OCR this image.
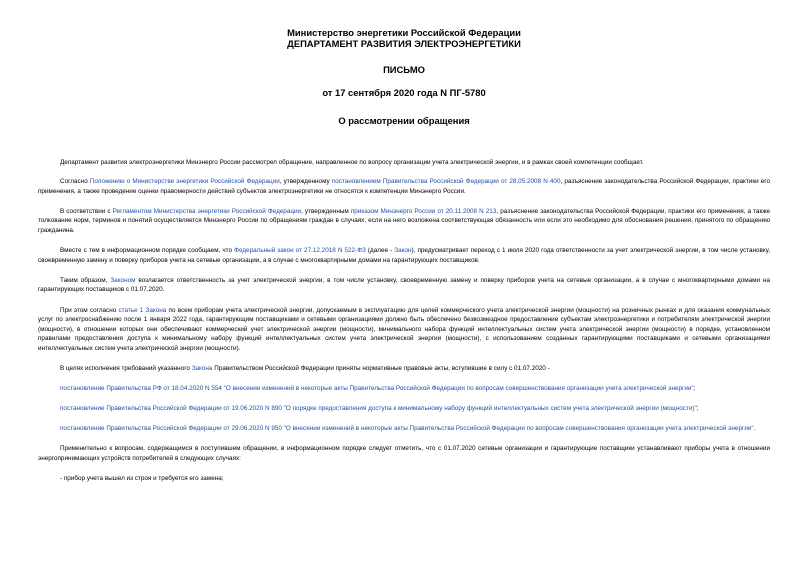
Министерство энергетики Российской Федерации
ДЕПАРТАМЕНТ РАЗВИТИЯ ЭЛЕКТРОЭНЕРГЕТИКИ
ПИСЬМО
от 17 сентября 2020 года N ПГ-5780
О рассмотрении обращения

Департамент развития электроэнергетики Минэнерго России рассмотрел обращение, направленное по вопросу организации учета электрической энергии, и в рамках своей компетенции сообщает.

Согласно Положению о Министерстве энергетики Российской Федерации, утвержденному постановлением Правительства Российской Федерации от 28.05.2008 N 400, разъяснение законодательства Российской Федерации, практики его применения, а также проведение оценки правомерности действий субъектов электроэнергетики не относятся к компетенции Минэнерго России.

В соответствии с Регламентом Министерства энергетики Российской Федерации, утвержденным приказом Минэнерго России от 20.11.2008 N 213, разъяснение законодательства Российской Федерации, практики его применения, а также толкование норм, терминов и понятий осуществляется Минэнерго России по обращениям граждан в случаях, если на него возложена соответствующая обязанность или если это необходимо для обоснования решения, принятого по обращению гражданина.

Вместе с тем в информационном порядке сообщаем, что Федеральный закон от 27.12.2018 N 522-ФЗ (далее - Закон), предусматривает переход с 1 июля 2020 года ответственности за учет электрической энергии, в том числе установку, своевременную замену и поверку приборов учета на сетевые организации, а в случае с многоквартирными домами на гарантирующих поставщиков.

Таким образом, Законом возлагается ответственность за учет электрической энергии, в том числе установку, своевременную замену и поверку приборов учета на сетевые организации, а в случае с многоквартирными домами на гарантирующих поставщиков с 01.07.2020.

При этом согласно статье 1 Закона по всем приборам учета электрической энергии, допускаемым в эксплуатацию для целей коммерческого учета электрической энергии (мощности) на розничных рынках и для оказания коммунальных услуг по электроснабжению после 1 января 2022 года, гарантирующим поставщиками и сетевыми организациями должно быть обеспечено безвозмездное предоставление субъектам электроэнергетики и потребителям электрической энергии (мощности), в отношении которых они обеспечивают коммерческий учет электрической энергии (мощности), минимального набора функций интеллектуальных систем учета электрической энергии (мощности) в порядке, установленном правилами предоставления доступа к минимальному набору функций интеллектуальных систем учета электрической энергии (мощности), с использованием созданных гарантирующими поставщиками и сетевыми организациями интеллектуальных систем учета электрической энергии (мощности).

В целях исполнения требований указанного Закона Правительством Российской Федерации приняты нормативные правовые акты, вступившие в силу с 01.07.2020 -

постановление Правительства РФ от 18.04.2020 N 554 "О внесении изменений в некоторые акты Правительства Российской Федерации по вопросам совершенствования организации учета электрической энергии";

постановление Правительства Российской Федерации от 19.06.2020 N 890 "О порядке предоставления доступа к минимальному набору функций интеллектуальных систем учета электрической энергии (мощности)";

постановление Правительства Российской Федерации от 29.06.2020 N 950 "О внесении изменений в некоторые акты Правительства Российской Федерации по вопросам совершенствования организации учета электрической энергии".

Применительно к вопросам, содержащимся в поступившем обращении, в информационном порядке следует отметить, что с 01.07.2020 сетевые организации и гарантирующие поставщики устанавливают приборы учета в отношении энергопринимающих устройств потребителей в следующих случаях:

- прибор учета вышел из строя и требуется его замена;
